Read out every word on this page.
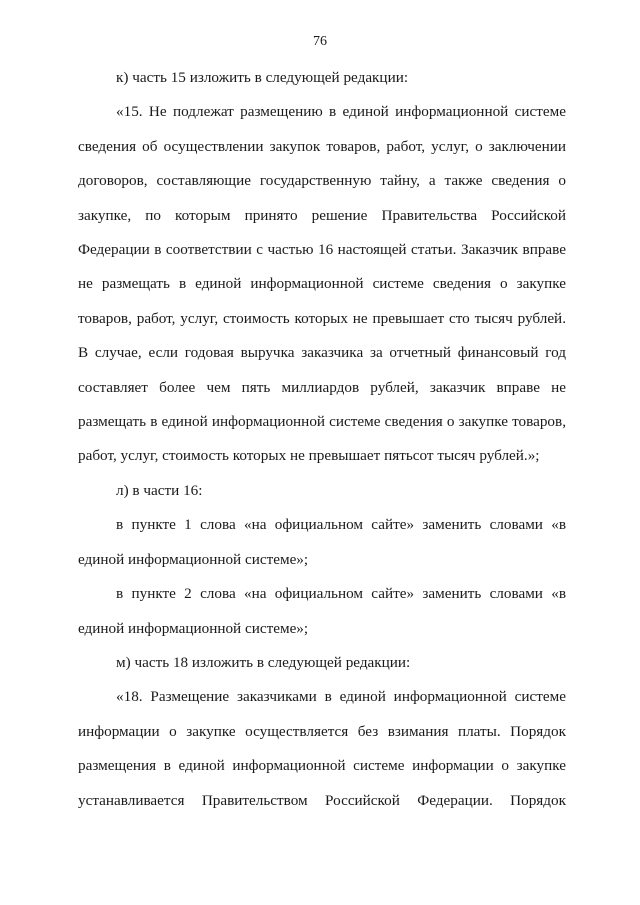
76

к) часть 15 изложить в следующей редакции:

«15. Не подлежат размещению в единой информационной системе
сведения об осуществлении закупок товаров, работ, услуг, о заключении
договоров, составляющие государственную тайну, а также сведения о
закупке, по которым принято решение Правительства Российской
Федерации в соответствии с частью 16 настоящей статьи. Заказчик вправе
не размещать в единой информационной системе сведения о закупке
товаров, работ, услуг, стоимость которых не превышает сто тысяч рублей.
В случае, если годовая выручка заказчика за отчетный финансовый год
составляет более чем пять миллиардов рублей, заказчик вправе не
размещать в единой информационной системе сведения о закупке товаров,
работ, услуг, стоимость которых не превышает пятьсот тысяч рублей.»;

л) в части 16:

в пункте 1 слова «на официальном сайте» заменить словами «в
единой информационной системе»;

в пункте 2 слова «на официальном сайте» заменить словами «в
единой информационной системе»;

м) часть 18 изложить в следующей редакции:

«18. Размещение заказчиками в единой информационной системе
информации о закупке осуществляется без взимания платы. Порядок
размещения в единой информационной системе информации о закупке
устанавливается Правительством Российской Федерации. Порядок
